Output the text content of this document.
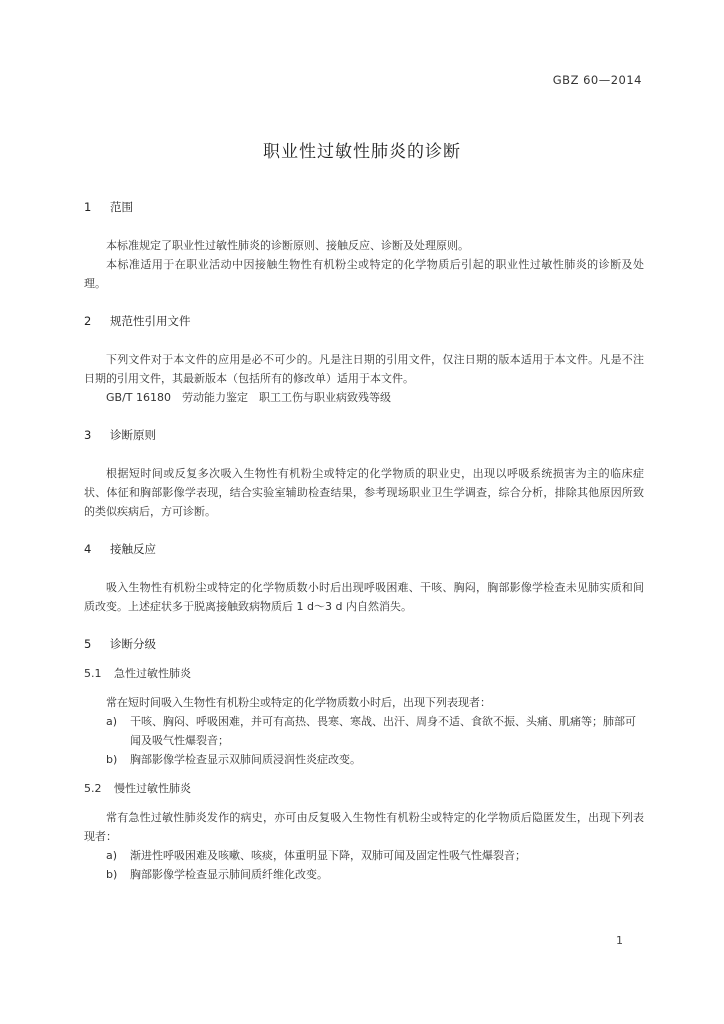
GBZ 60—2014
职业性过敏性肺炎的诊断
1	范围

本标准规定了职业性过敏性肺炎的诊断原则、接触反应、诊断及处理原则。

本标准适用于在职业活动中因接触生物性有机粉尘或特定的化学物质后引起的职业性过敏性肺炎的诊断及处理。

2	规范性引用文件

下列文件对于本文件的应用是必不可少的。凡是注日期的引用文件，仅注日期的版本适用于本文件。凡是不注日期的引用文件，其最新版本（包括所有的修改单）适用于本文件。

GB/T 16180　劳动能力鉴定　职工工伤与职业病致残等级
3	诊断原则

根据短时间或反复多次吸入生物性有机粉尘或特定的化学物质的职业史，出现以呼吸系统损害为主的临床症状、体征和胸部影像学表现，结合实验室辅助检查结果，参考现场职业卫生学调查，综合分析，排除其他原因所致的类似疾病后，方可诊断。

4	接触反应

吸入生物性有机粉尘或特定的化学物质数小时后出现呼吸困难、干咳、胸闷，胸部影像学检查未见肺实质和间质改变。上述症状多于脱离接触致病物质后 1 d～3 d 内自然消失。

5	诊断分级
5.1	急性过敏性肺炎

常在短时间吸入生物性有机粉尘或特定的化学物质数小时后，出现下列表现者：

a)	干咳、胸闷、呼吸困难，并可有高热、畏寒、寒战、出汗、周身不适、食欲不振、头痛、肌痛等；肺部可闻及吸气性爆裂音；
b)	胸部影像学检查显示双肺间质浸润性炎症改变。
5.2	慢性过敏性肺炎

常有急性过敏性肺炎发作的病史，亦可由反复吸入生物性有机粉尘或特定的化学物质后隐匿发生，出现下列表现者：

a)	渐进性呼吸困难及咳嗽、咳痰，体重明显下降，双肺可闻及固定性吸气性爆裂音；
b)	胸部影像学检查显示肺间质纤维化改变。
1
